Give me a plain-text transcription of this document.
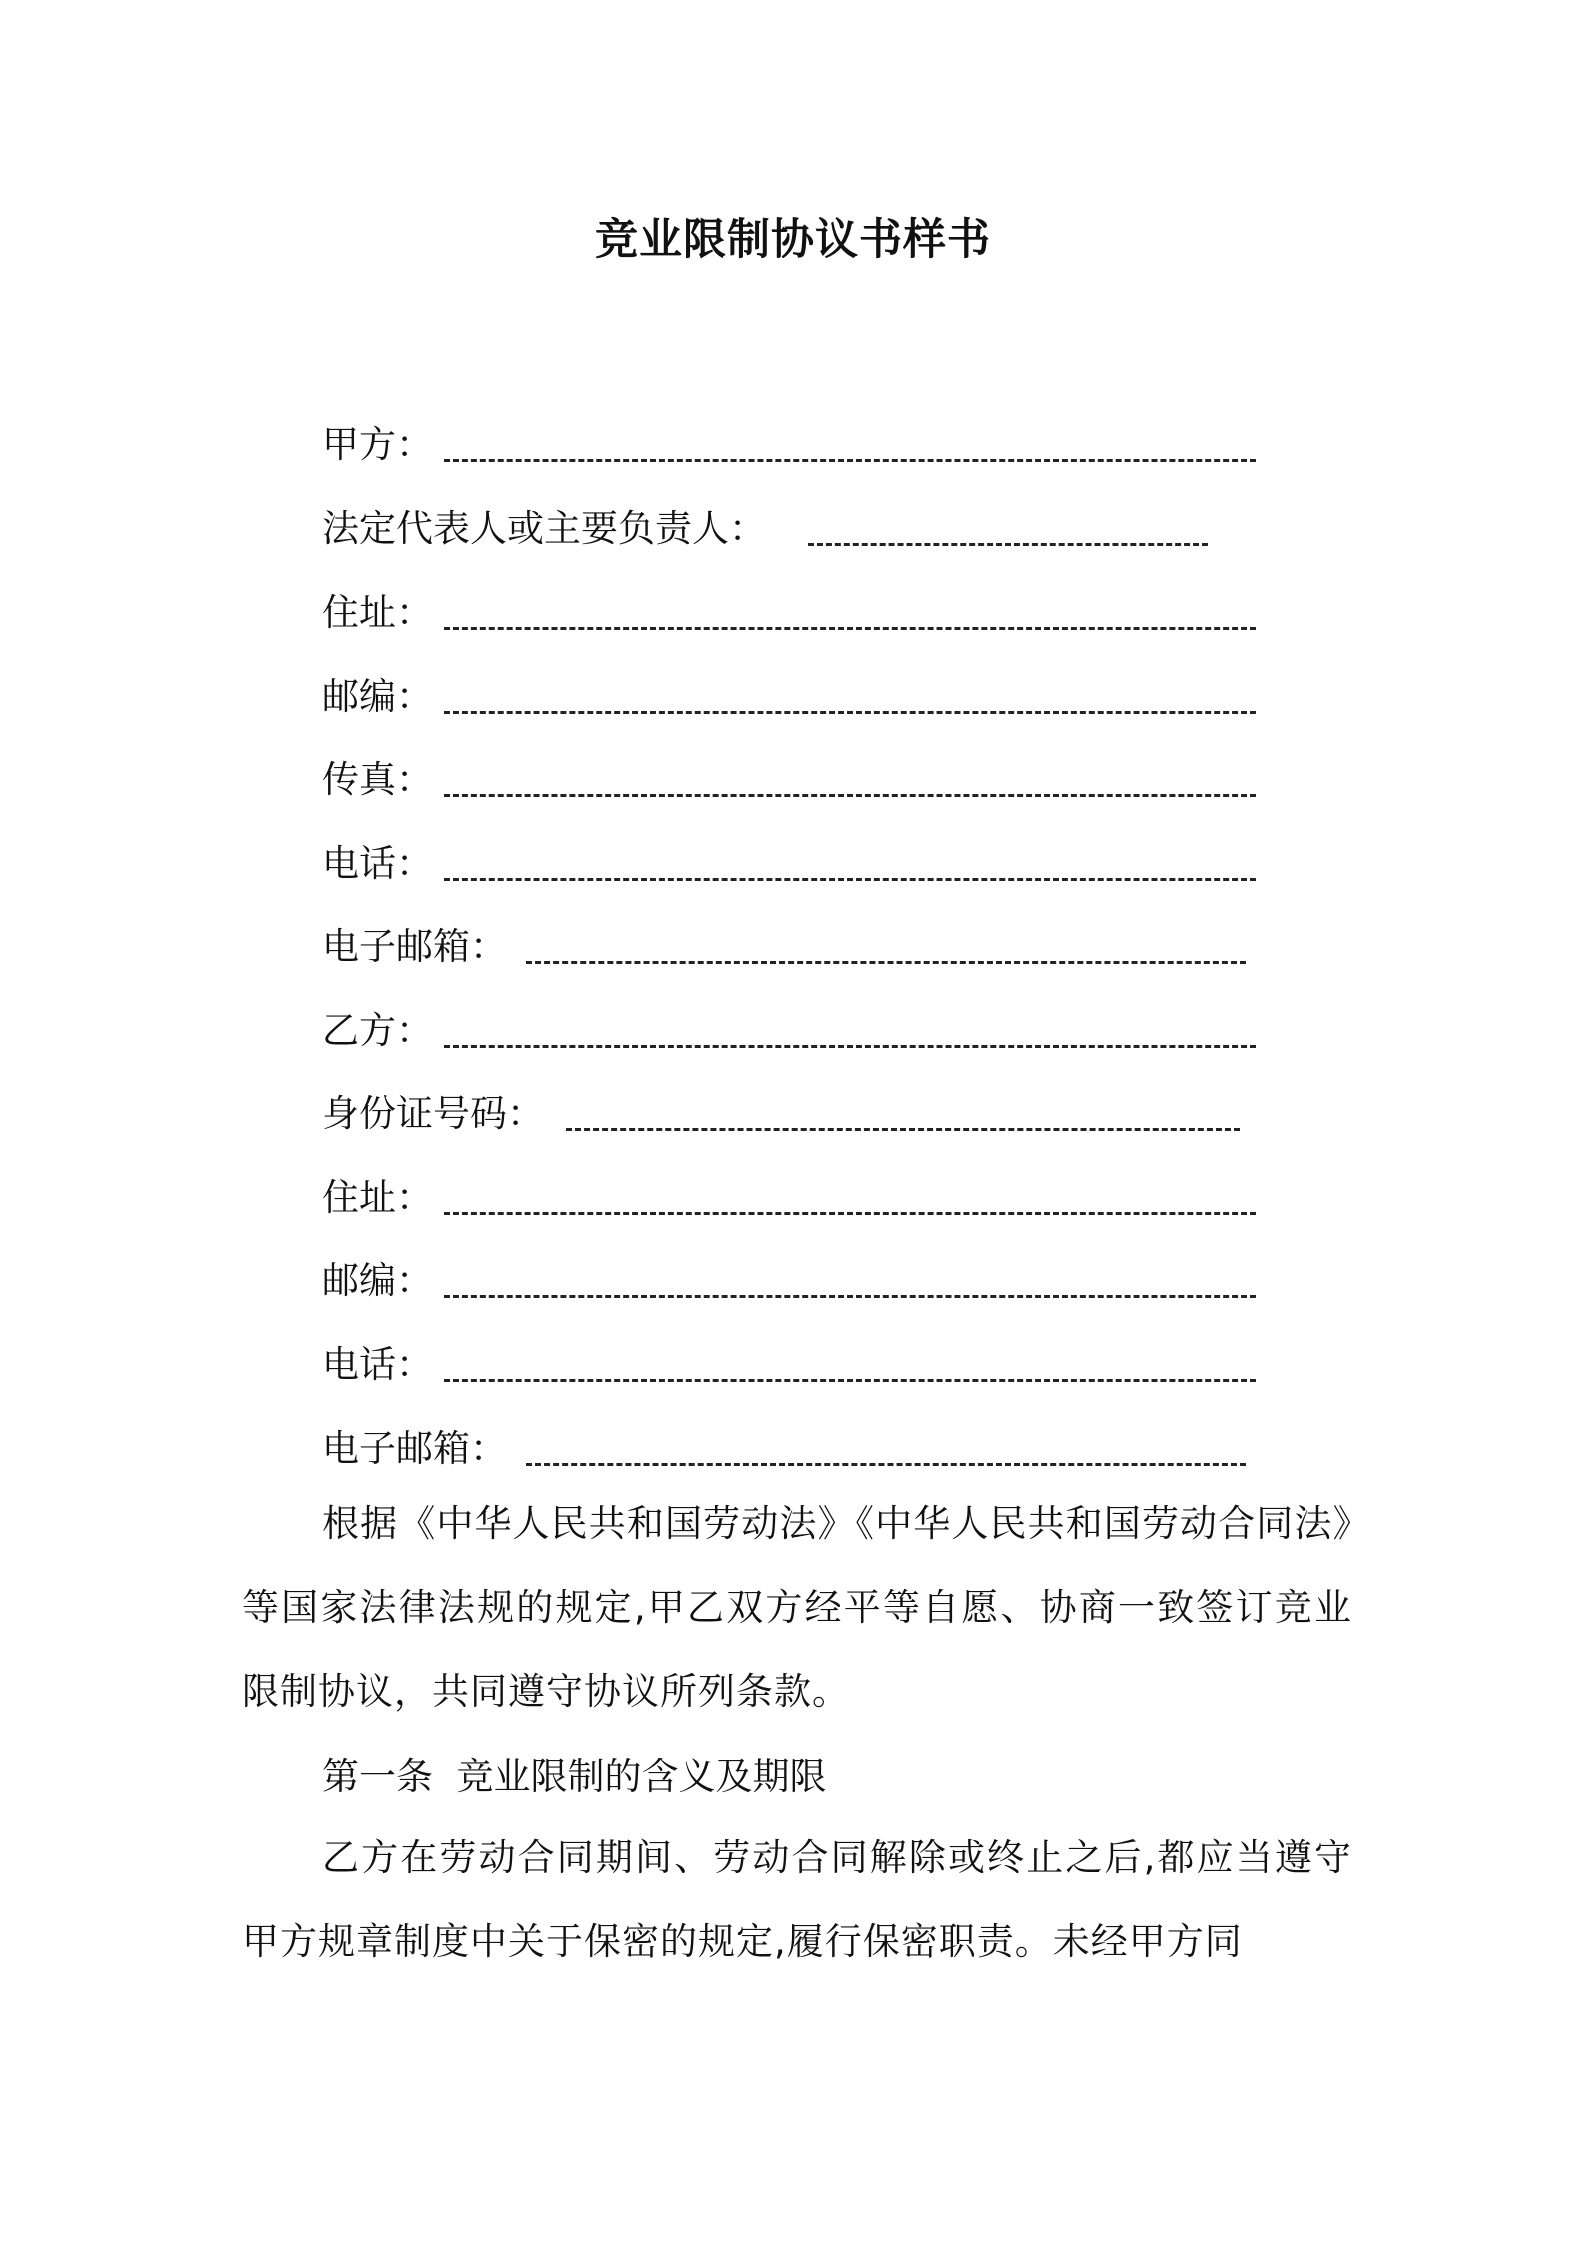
竞业限制协议书样书
甲方：
法定代表人或主要负责人：
住址：
邮编：
传真：
电话：
电子邮箱：
乙方：
身份证号码：
住址：
邮编：
电话：
电子邮箱：
根据《中华人民共和国劳动法》《中华人民共和国劳动合同法》等国家法律法规的规定,甲乙双方经平等自愿、协商一致签订竞业限制协议，共同遵守协议所列条款。
第一条  竞业限制的含义及期限
乙方在劳动合同期间、劳动合同解除或终止之后,都应当遵守甲方规章制度中关于保密的规定,履行保密职责。未经甲方同
